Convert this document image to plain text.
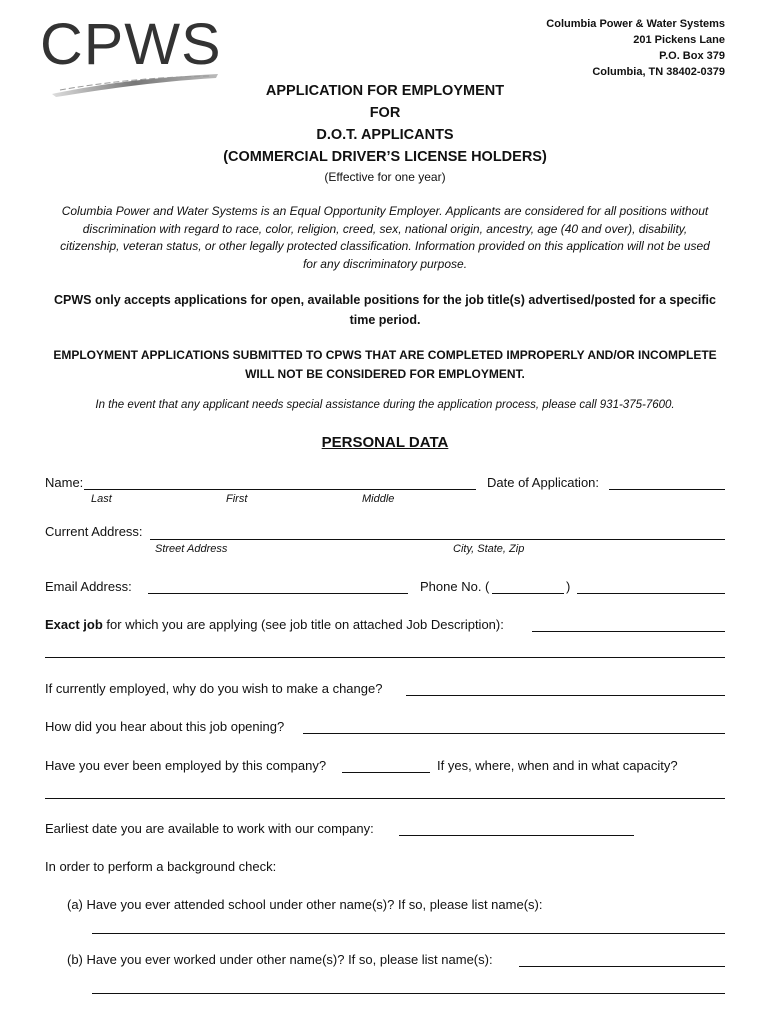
CPWS	Columbia Power & Water Systems
201 Pickens Lane
P.O. Box 379
Columbia, TN 38402-0379
APPLICATION FOR EMPLOYMENT
FOR
D.O.T. APPLICANTS
(COMMERCIAL DRIVER’S LICENSE HOLDERS)
(Effective for one year)
Columbia Power and Water Systems is an Equal Opportunity Employer. Applicants are considered for all positions without discrimination with regard to race, color, religion, creed, sex, national origin, ancestry, age (40 and over), disability, citizenship, veteran status, or other legally protected classification. Information provided on this application will not be used for any discriminatory purpose.
CPWS only accepts applications for open, available positions for the job title(s) advertised/posted for a specific time period.
EMPLOYMENT APPLICATIONS SUBMITTED TO CPWS THAT ARE COMPLETED IMPROPERLY AND/OR INCOMPLETE WILL NOT BE CONSIDERED FOR EMPLOYMENT.
In the event that any applicant needs special assistance during the application process, please call 931-375-7600.
PERSONAL DATA
Name:	Date of Application:
Last	First	Middle
Current Address:
Street Address	City, State, Zip
Email Address:	Phone No. (	)
Exact job for which you are applying (see job title on attached Job Description):
If currently employed, why do you wish to make a change?
How did you hear about this job opening?
Have you ever been employed by this company?	If yes, where, when and in what capacity?
Earliest date you are available to work with our company:
In order to perform a background check:
(a) Have you ever attended school under other name(s)? If so, please list name(s):
(b) Have you ever worked under other name(s)? If so, please list name(s):
